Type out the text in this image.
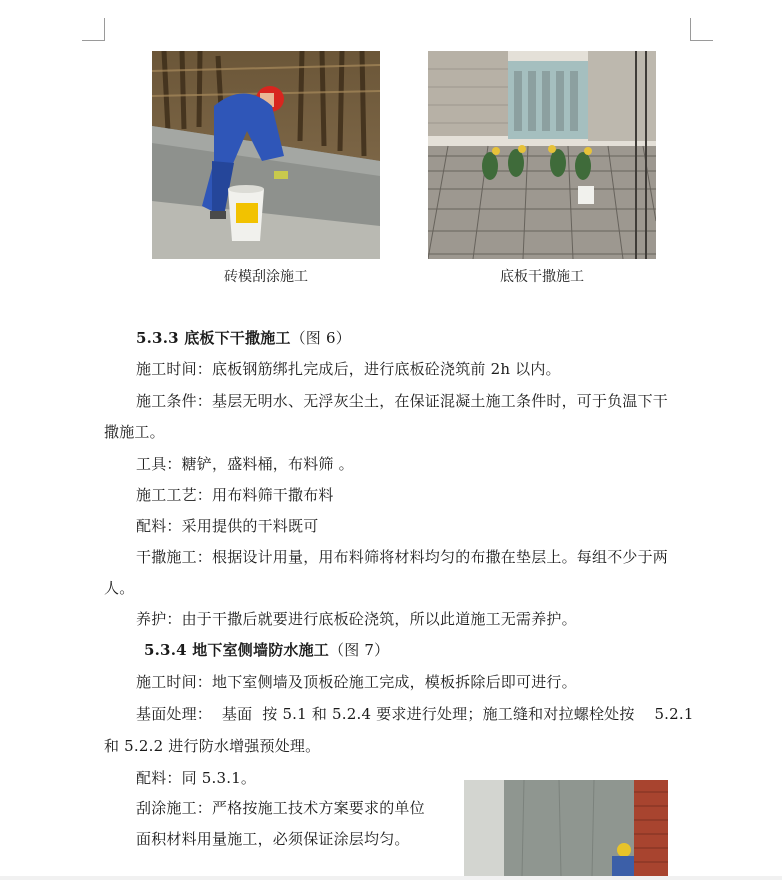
砖模刮涂施工	底板干撒施工
5.3.3 底板下干撒施工（图 6）
施工时间：底板钢筋绑扎完成后，进行底板砼浇筑前 2h 以内。
施工条件：基层无明水、无浮灰尘土，在保证混凝土施工条件时，可于负温下干
撒施工。
工具：糖铲，盛料桶，布料筛 。
施工工艺：用布料筛干撒布料
配料：采用提供的干料既可
干撒施工：根据设计用量，用布料筛将材料均匀的布撒在垫层上。每组不少于两
人。
养护：由于干撒后就要进行底板砼浇筑，所以此道施工无需养护。
5.3.4 地下室侧墙防水施工（图 7）
施工时间：地下室侧墙及顶板砼施工完成，模板拆除后即可进行。
基面处理：  基面  按 5.1 和 5.2.4 要求进行处理；施工缝和对拉螺栓处按    5.2.1
和 5.2.2 进行防水增强预处理。
配料：同 5.3.1。
刮涂施工：严格按施工技术方案要求的单位
面积材料用量施工，必须保证涂层均匀。
